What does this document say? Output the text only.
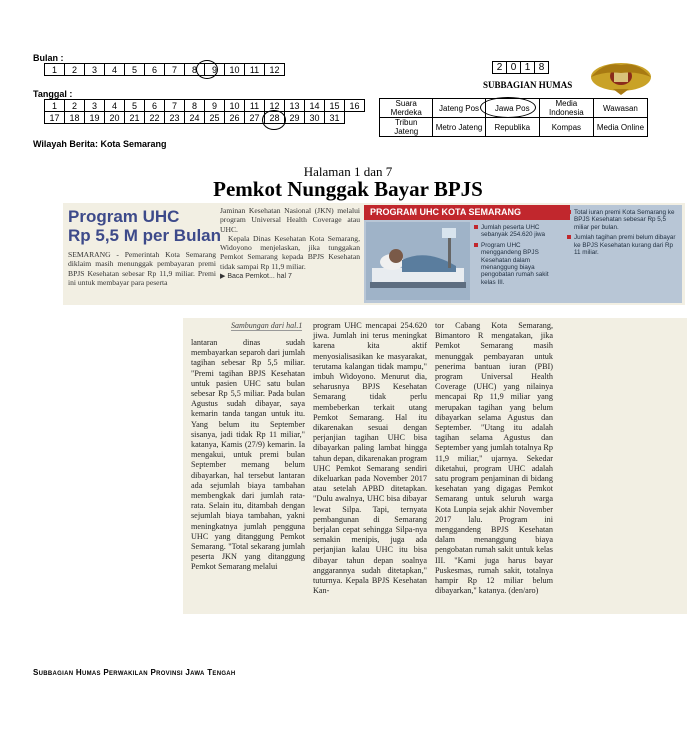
Bulan :
1	2	3	4	5	6	7	8	9	10	11	12
Tanggal :
1	2	3	4	5	6	7	8	9	10	11	12	13	14	15	16
17	18	19	20	21	22	23	24	25	26	27	28	29	30	31	
Wilayah Berita: Kota Semarang
2	0	1	8
SUBBAGIAN HUMAS
Suara Merdeka	Jateng Pos	Jawa Pos	Media Indonesia	Wawasan
Tribun Jateng	Metro Jateng	Republika	Kompas	Media Online
Halaman 1 dan 7
Pemkot Nunggak Bayar BPJS
Program UHC
Rp 5,5 M per Bulan
SEMARANG - Pemerintah Kota Semarang diklaim masih menunggak pembayaran premi BPJS Kesehatan sebesar Rp 11,9 miliar. Premi ini untuk membayar para peserta
Jaminan Kesehatan Nasional (JKN) melalui program Universal Health Coverage atau UHC.
Kepala Dinas Kesehatan Kota Semarang, Widoyono menjelaskan, jika tunggakan Pemkot Semarang kepada BPJS Kesehatan tidak sampai Rp 11,9 miliar.
▶ Baca Pemkot... hal 7
PROGRAM UHC KOTA SEMARANG
Jumlah peserta UHC sebanyak 254.620 jiwa
Program UHC menggandeng BPJS Kesehatan dalam menanggung biaya pengobatan rumah sakit kelas III.
Total iuran premi Kota Semarang ke BPJS Kesehatan sebesar Rp 5,5 miliar per bulan.
Jumlah tagihan premi belum dibayar ke BPJS Kesehatan kurang dari Rp 11 miliar.
Sambungan dari hal.1
lantaran dinas sudah membayarkan separoh dari jumlah tagihan sebesar Rp 5,5 miliar. "Premi tagihan BPJS Kesehatan untuk pasien UHC satu bulan sebesar Rp 5,5 miliar. Pada bulan Agustus sudah dibayar, saya kemarin tanda tangan untuk itu. Yang belum itu September sisanya, jadi tidak Rp 11 miliar," katanya, Kamis (27/9) kemarin. Ia mengakui, untuk premi bulan September memang belum dibayarkan, hal tersebut lantaran ada sejumlah biaya tambahan membengkak dari jumlah rata-rata. Selain itu, ditambah dengan sejumlah biaya tambahan, yakni meningkatnya jumlah pengguna UHC yang ditanggung Pemkot Semarang. "Total sekarang jumlah peserta JKN yang ditanggung Pemkot Semarang melalui
program UHC mencapai 254.620 jiwa. Jumlah ini terus meningkat karena kita aktif menyosialisasikan ke masyarakat, terutama kalangan tidak mampu," imbuh Widoyono. Menurut dia, seharusnya BPJS Kesehatan Semarang tidak perlu membeberkan terkait utang Pemkot Semarang. Hal itu dikarenakan sesuai dengan perjanjian tagihan UHC bisa dibayarkan paling lambat hingga tahun depan, dikarenakan program UHC Pemkot Semarang sendiri dikeluarkan pada November 2017 atau setelah APBD ditetapkan. "Dulu awalnya, UHC bisa dibayar lewat Silpa. Tapi, ternyata pembangunan di Semarang berjalan cepat sehingga Silpa-nya semakin menipis, juga ada perjanjian kalau UHC itu bisa dibayar tahun depan soalnya anggarannya sudah ditetapkan," tuturnya. Kepala BPJS Kesehatan Kan-
tor Cabang Kota Semarang, Bimantoro R mengatakan, jika Pemkot Semarang masih menunggak pembayaran untuk penerima bantuan iuran (PBI) program Universal Health Coverage (UHC) yang nilainya mencapai Rp 11,9 miliar yang merupakan tagihan yang belum dibayarkan selama Agustus dan September. "Utang itu adalah tagihan selama Agustus dan September yang jumlah totalnya Rp 11,9 miliar," ujarnya. Sekedar diketahui, program UHC adalah satu program penjaminan di bidang kesehatan yang digagas Pemkot Semarang untuk seluruh warga Kota Lunpia sejak akhir November 2017 lalu. Program ini menggandeng BPJS Kesehatan dalam menanggung biaya pengobatan rumah sakit untuk kelas III. "Kami juga harus bayar Puskesmas, rumah sakit, totalnya hampir Rp 12 miliar belum dibayarkan," katanya. (den/aro)
Subbagian Humas Perwakilan Provinsi Jawa Tengah
